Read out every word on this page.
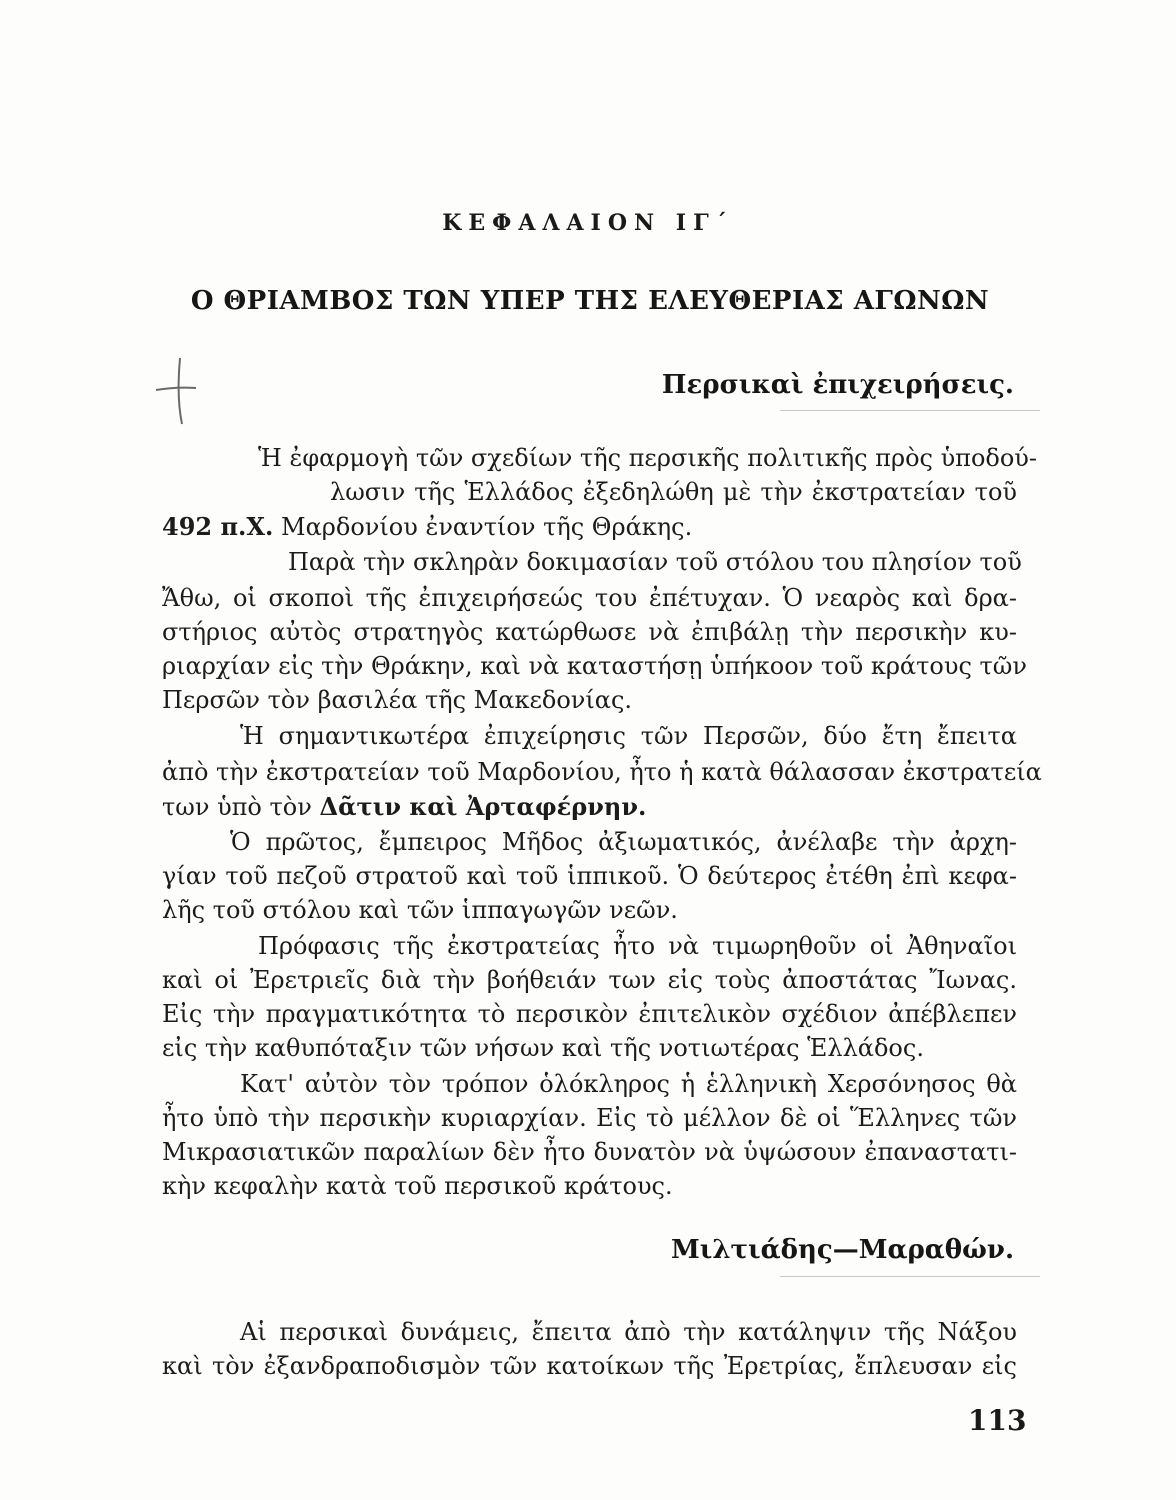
ΚΕΦΑΛΑΙΟΝ ΙΓ΄
Ο ΘΡΙΑΜΒΟΣ ΤΩΝ ΥΠΕΡ ΤΗΣ ΕΛΕΥΘΕΡΙΑΣ ΑΓΩΝΩΝ
Περσικαὶ ἐπιχειρήσεις.
Ἡ ἐφαρμογὴ τῶν σχεδίων τῆς περσικῆς πολιτικῆς πρὸς ὑποδού-
λωσιν τῆς Ἑλλάδος ἐξεδηλώθη μὲ τὴν ἐκστρατείαν τοῦ
492 π.Χ. Μαρδονίου ἐναντίον τῆς Θράκης.
Παρὰ τὴν σκληρὰν δοκιμασίαν τοῦ στόλου του πλησίον τοῦ
Ἄθω, οἱ σκοποὶ τῆς ἐπιχειρήσεώς του ἐπέτυχαν. Ὁ νεαρὸς καὶ δρα-
στήριος αὐτὸς στρατηγὸς κατώρθωσε νὰ ἐπιβάλῃ τὴν περσικὴν κυ-
ριαρχίαν εἰς τὴν Θράκην, καὶ νὰ καταστήσῃ ὑπήκοον τοῦ κράτους τῶν
Περσῶν τὸν βασιλέα τῆς Μακεδονίας.
Ἡ σημαντικωτέρα ἐπιχείρησις τῶν Περσῶν, δύο ἔτη ἔπειτα
ἀπὸ τὴν ἐκστρατείαν τοῦ Μαρδονίου, ἦτο ἡ κατὰ θάλασσαν ἐκστρατεία
των ὑπὸ τὸν Δᾶτιν καὶ Ἀρταφέρνην.
Ὁ πρῶτος, ἔμπειρος Μῆδος ἀξιωματικός, ἀνέλαβε τὴν ἀρχη-
γίαν τοῦ πεζοῦ στρατοῦ καὶ τοῦ ἱππικοῦ. Ὁ δεύτερος ἐτέθη ἐπὶ κεφα-
λῆς τοῦ στόλου καὶ τῶν ἱππαγωγῶν νεῶν.
Πρόφασις τῆς ἐκστρατείας ἦτο νὰ τιμωρηθοῦν οἱ Ἀθηναῖοι
καὶ οἱ Ἐρετριεῖς διὰ τὴν βοήθειάν των εἰς τοὺς ἀποστάτας Ἴωνας.
Εἰς τὴν πραγματικότητα τὸ περσικὸν ἐπιτελικὸν σχέδιον ἀπέβλεπεν
εἰς τὴν καθυπόταξιν τῶν νήσων καὶ τῆς νοτιωτέρας Ἑλλάδος.
Κατ' αὐτὸν τὸν τρόπον ὁλόκληρος ἡ ἑλληνικὴ Χερσόνησος θὰ
ἦτο ὑπὸ τὴν περσικὴν κυριαρχίαν. Εἰς τὸ μέλλον δὲ οἱ Ἕλληνες τῶν
Μικρασιατικῶν παραλίων δὲν ἦτο δυνατὸν νὰ ὑψώσουν ἐπαναστατι-
κὴν κεφαλὴν κατὰ τοῦ περσικοῦ κράτους.
Μιλτιάδης—Μαραθών.
Αἱ περσικαὶ δυνάμεις, ἔπειτα ἀπὸ τὴν κατάληψιν τῆς Νάξου
καὶ τὸν ἐξανδραποδισμὸν τῶν κατοίκων τῆς Ἐρετρίας, ἔπλευσαν εἰς
113
